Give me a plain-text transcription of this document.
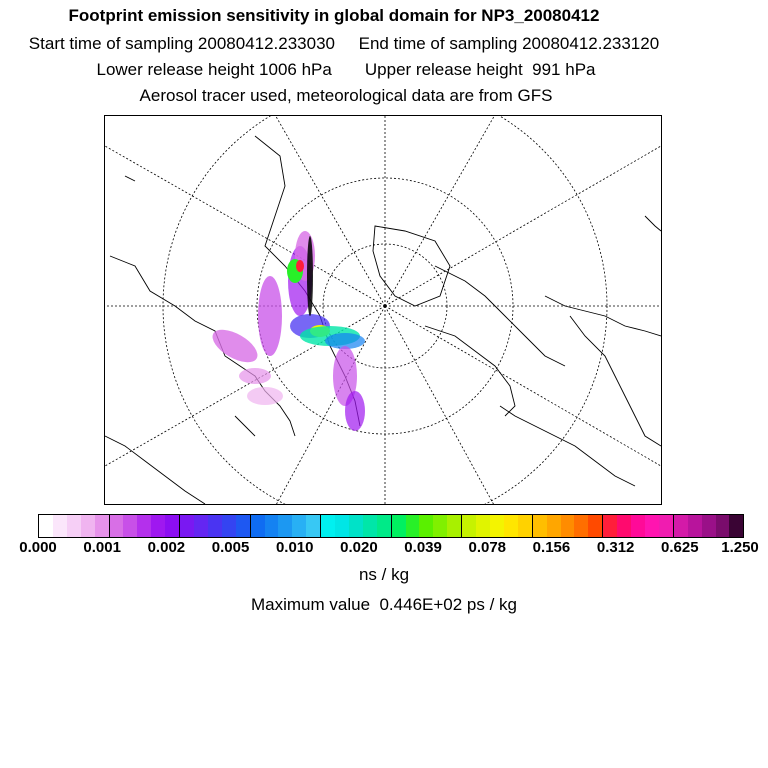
Footprint emission sensitivity in global domain for NP3_20080412
Start time of sampling 20080412.233030     End time of sampling 20080412.233120
Lower release height 1006 hPa       Upper release height  991 hPa
Aerosol tracer used, meteorological data are from GFS
0.000 0.001 0.002 0.005 0.010 0.020 0.039 0.078 0.156 0.312 0.625 1.250
ns / kg
Maximum value  0.446E+02 ps / kg
